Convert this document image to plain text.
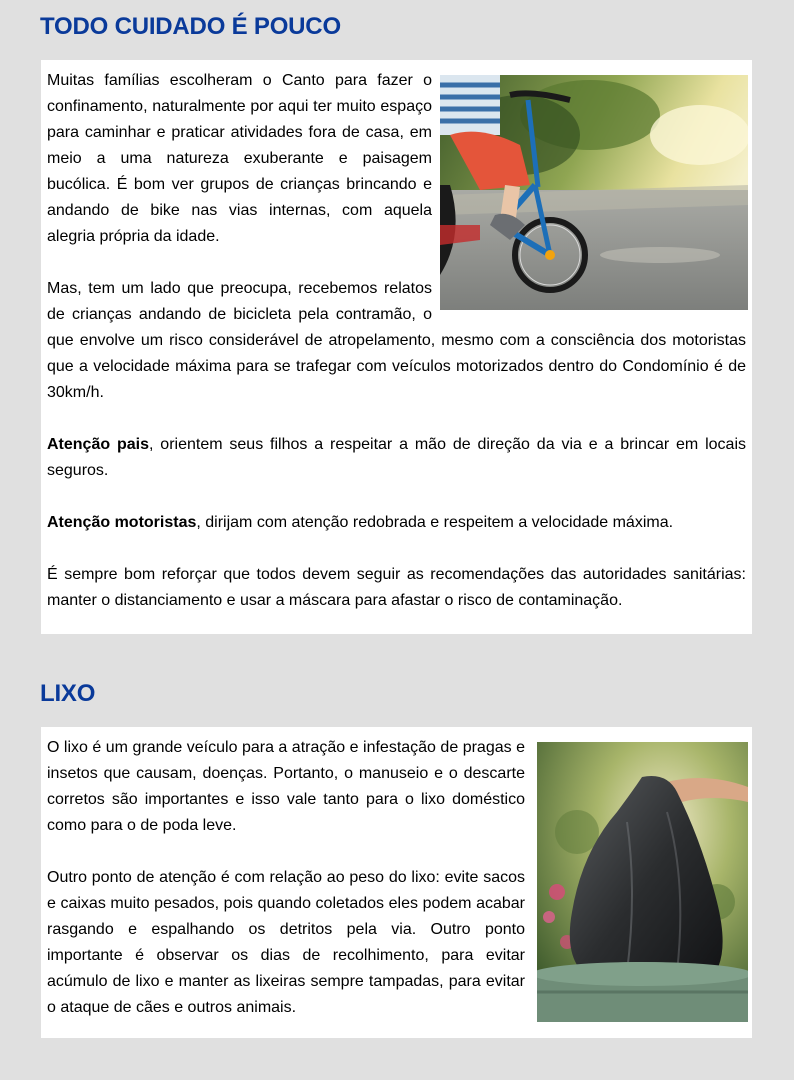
TODO CUIDADO É POUCO

Muitas famílias escolheram o Canto para fazer o confinamento, naturalmente por aqui ter muito espaço para caminhar e praticar atividades fora de casa, em meio a uma natureza exuberante e paisagem bucólica. É bom ver grupos de crianças brincando e andando de bike nas vias internas, com aquela alegria própria da idade.

Mas, tem um lado que preocupa, recebemos relatos de crianças andando de bicicleta pela contramão, o que envolve um risco considerável de atropelamento, mesmo com a consciência dos motoristas que a velocidade máxima para se trafegar com veículos motorizados dentro do Condomínio é de 30km/h.

Atenção pais, orientem seus filhos a respeitar a mão de direção da via e a brincar em locais seguros.

Atenção motoristas, dirijam com atenção redobrada e respeitem a velocidade máxima.

É sempre bom reforçar que todos devem seguir as recomendações das autoridades sanitárias: manter o distanciamento e usar a máscara para afastar o risco de contaminação.

LIXO

O lixo é um grande veículo para a atração e infestação de pragas e insetos que causam, doenças. Portanto, o manuseio e o descarte corretos são importantes e isso vale tanto para o lixo doméstico como para o de poda leve.

Outro ponto de atenção é com relação ao peso do lixo: evite sacos e caixas muito pesados, pois quando coletados eles podem acabar rasgando e espalhando os detritos pela via. Outro ponto importante é observar os dias de recolhimento, para evitar acúmulo de lixo e manter as lixeiras sempre tampadas, para evitar o ataque de cães e outros animais.
